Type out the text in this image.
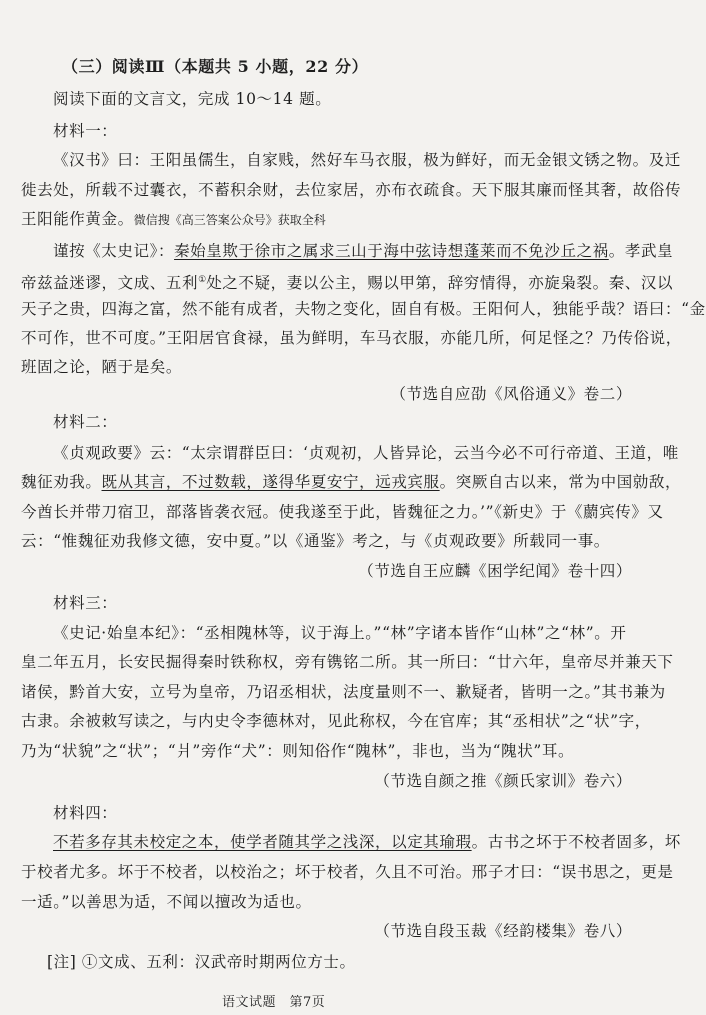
（三）阅读Ⅲ（本题共 5 小题，22 分）
阅读下面的文言文，完成 10～14 题。
材料一：
《汉书》曰：王阳虽儒生，自家贱，然好车马衣服，极为鲜好，而无金银文锈之物。及迁
徙去处，所载不过囊衣，不蓄积余财，去位家居，亦布衣疏食。天下服其廉而怪其奢，故俗传
王阳能作黄金。微信搜《高三答案公众号》获取全科
谨按《太史记》：秦始皇欺于徐市之属求三山于海中弦诗想蓬莱而不免沙丘之祸。孝武皇
帝兹益迷谬，文成、五利①处之不疑，妻以公主，赐以甲第，辞穷情得，亦旋枭裂。秦、汉以
天子之贵，四海之富，然不能有成者，夫物之变化，固自有极。王阳何人，独能乎哉？语曰：“金
不可作，世不可度。”王阳居官食禄，虽为鲜明，车马衣服，亦能几所，何足怪之？乃传俗说，
班固之论，陋于是矣。
（节选自应劭《风俗通义》卷二）
材料二：
《贞观政要》云：“太宗谓群臣曰：‘贞观初，人皆异论，云当今必不可行帝道、王道，唯
魏征劝我。既从其言，不过数载，遂得华夏安宁，远戎宾服。突厥自古以来，常为中国勍敌，
今酋长并带刀宿卫，部落皆袭衣冠。使我遂至于此，皆魏征之力。’”《新史》于《蘮宾传》又
云：“惟魏征劝我修文德，安中夏。”以《通鉴》考之，与《贞观政要》所载同一事。
（节选自王应麟《困学纪闻》卷十四）
材料三：
《史记·始皇本纪》：“丞相隗林等，议于海上。”“林”字诸本皆作“山林”之“林”。开
皇二年五月，长安民掘得秦时铁称权，旁有镌铭二所。其一所曰：“廿六年，皇帝尽并兼天下
诸侯，黔首大安，立号为皇帝，乃诏丞相状，法度量则不一、歉疑者，皆明一之。”其书兼为
古隶。余被敕写读之，与内史令李德林对，见此称权，今在官库；其“丞相状”之“状”字，
乃为“状貌”之“状”；“爿”旁作“犬”：则知俗作“隗林”，非也，当为“隗状”耳。
（节选自颜之推《颜氏家训》卷六）
材料四：
不若多存其未校定之本，使学者随其学之浅深，以定其瑜瑕。古书之坏于不校者固多，坏
于校者尤多。坏于不校者，以校治之；坏于校者，久且不可治。邢子才曰：“误书思之，更是
一适。”以善思为适，不闻以擅改为适也。
（节选自段玉裁《经韵楼集》卷八）
[注] ①文成、五利：汉武帝时期两位方士。
语文试题　第7页
